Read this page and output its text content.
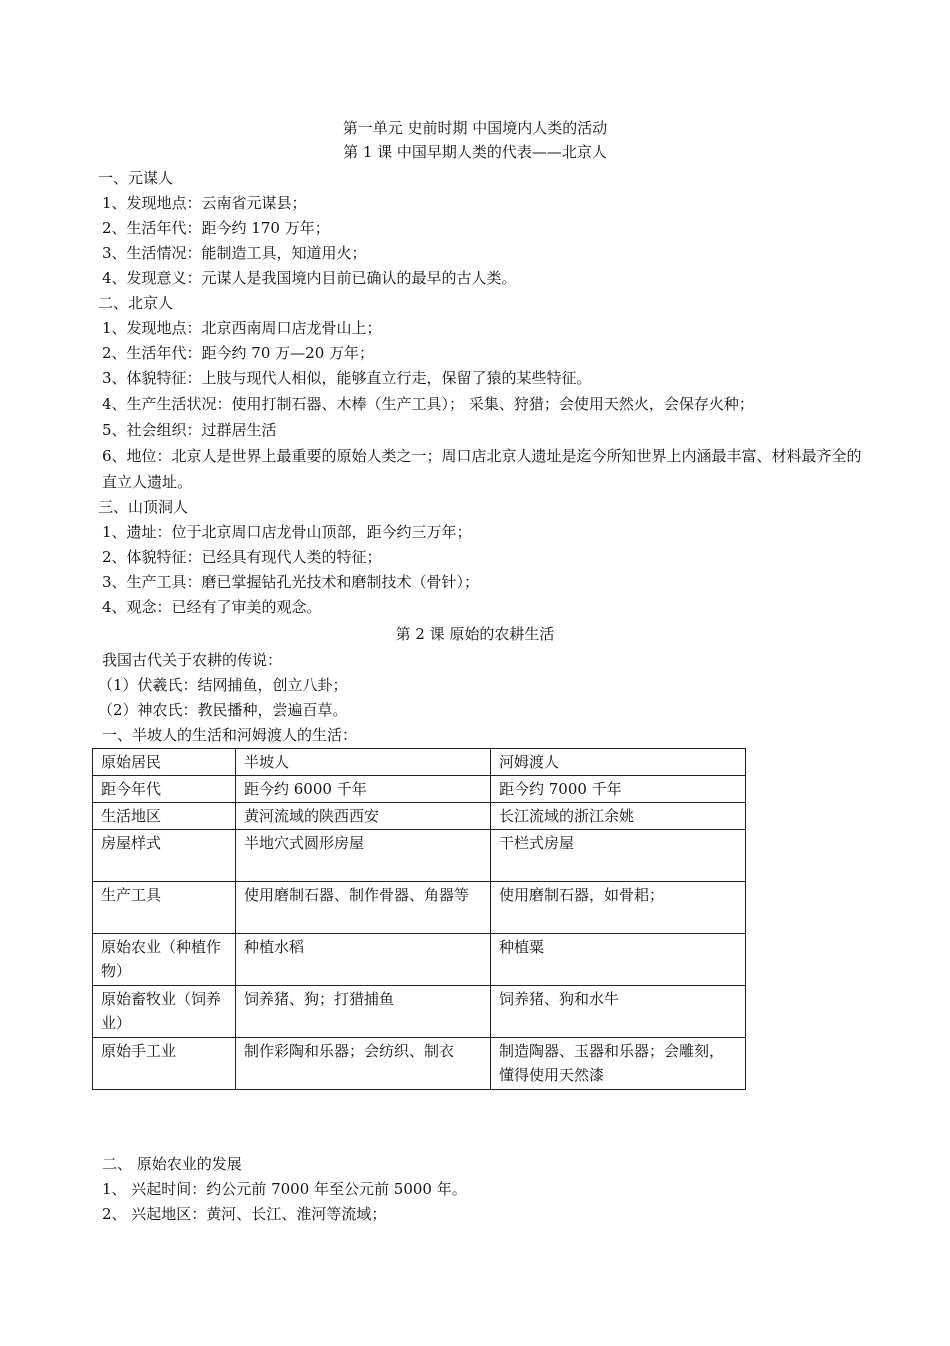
第一单元 史前时期 中国境内人类的活动
第 1 课 中国早期人类的代表——北京人
一、元谋人
1、发现地点：云南省元谋县；
2、生活年代：距今约 170 万年；
3、生活情况：能制造工具，知道用火；
4、发现意义：元谋人是我国境内目前已确认的最早的古人类。
二、北京人
1、发现地点：北京西南周口店龙骨山上；
2、生活年代：距今约 70 万—20 万年；
3、体貌特征：上肢与现代人相似，能够直立行走，保留了猿的某些特征。
4、生产生活状况：使用打制石器、木棒（生产工具）； 采集、狩猎；会使用天然火，会保存火种；
5、社会组织：过群居生活
6、地位：北京人是世界上最重要的原始人类之一；周口店北京人遗址是迄今所知世界上内涵最丰富、材料最齐全的直立人遗址。
三、山顶洞人
1、遗址：位于北京周口店龙骨山顶部，距今约三万年；
2、体貌特征：已经具有现代人类的特征；
3、生产工具：磨已掌握钻孔光技术和磨制技术（骨针）；
4、观念：已经有了审美的观念。
第 2 课 原始的农耕生活
我国古代关于农耕的传说：
（1）伏羲氏：结网捕鱼，创立八卦；
（2）神农氏：教民播种，尝遍百草。
一、半坡人的生活和河姆渡人的生活：
原始居民	半坡人	河姆渡人
距今年代	距今约 6000 千年	距今约 7000 千年
生活地区	黄河流域的陕西西安	长江流域的浙江余姚
房屋样式	半地穴式圆形房屋	干栏式房屋
生产工具	使用磨制石器、制作骨器、角器等	使用磨制石器，如骨耜；
原始农业（种植作物）	种植水稻	种植粟
原始畜牧业（饲养业）	饲养猪、狗；打猎捕鱼	饲养猪、狗和水牛
原始手工业	制作彩陶和乐器；会纺织、制衣	制造陶器、玉器和乐器；会雕刻，懂得使用天然漆
二、 原始农业的发展
1、 兴起时间：约公元前 7000 年至公元前 5000 年。
2、 兴起地区：黄河、长江、淮河等流域；
